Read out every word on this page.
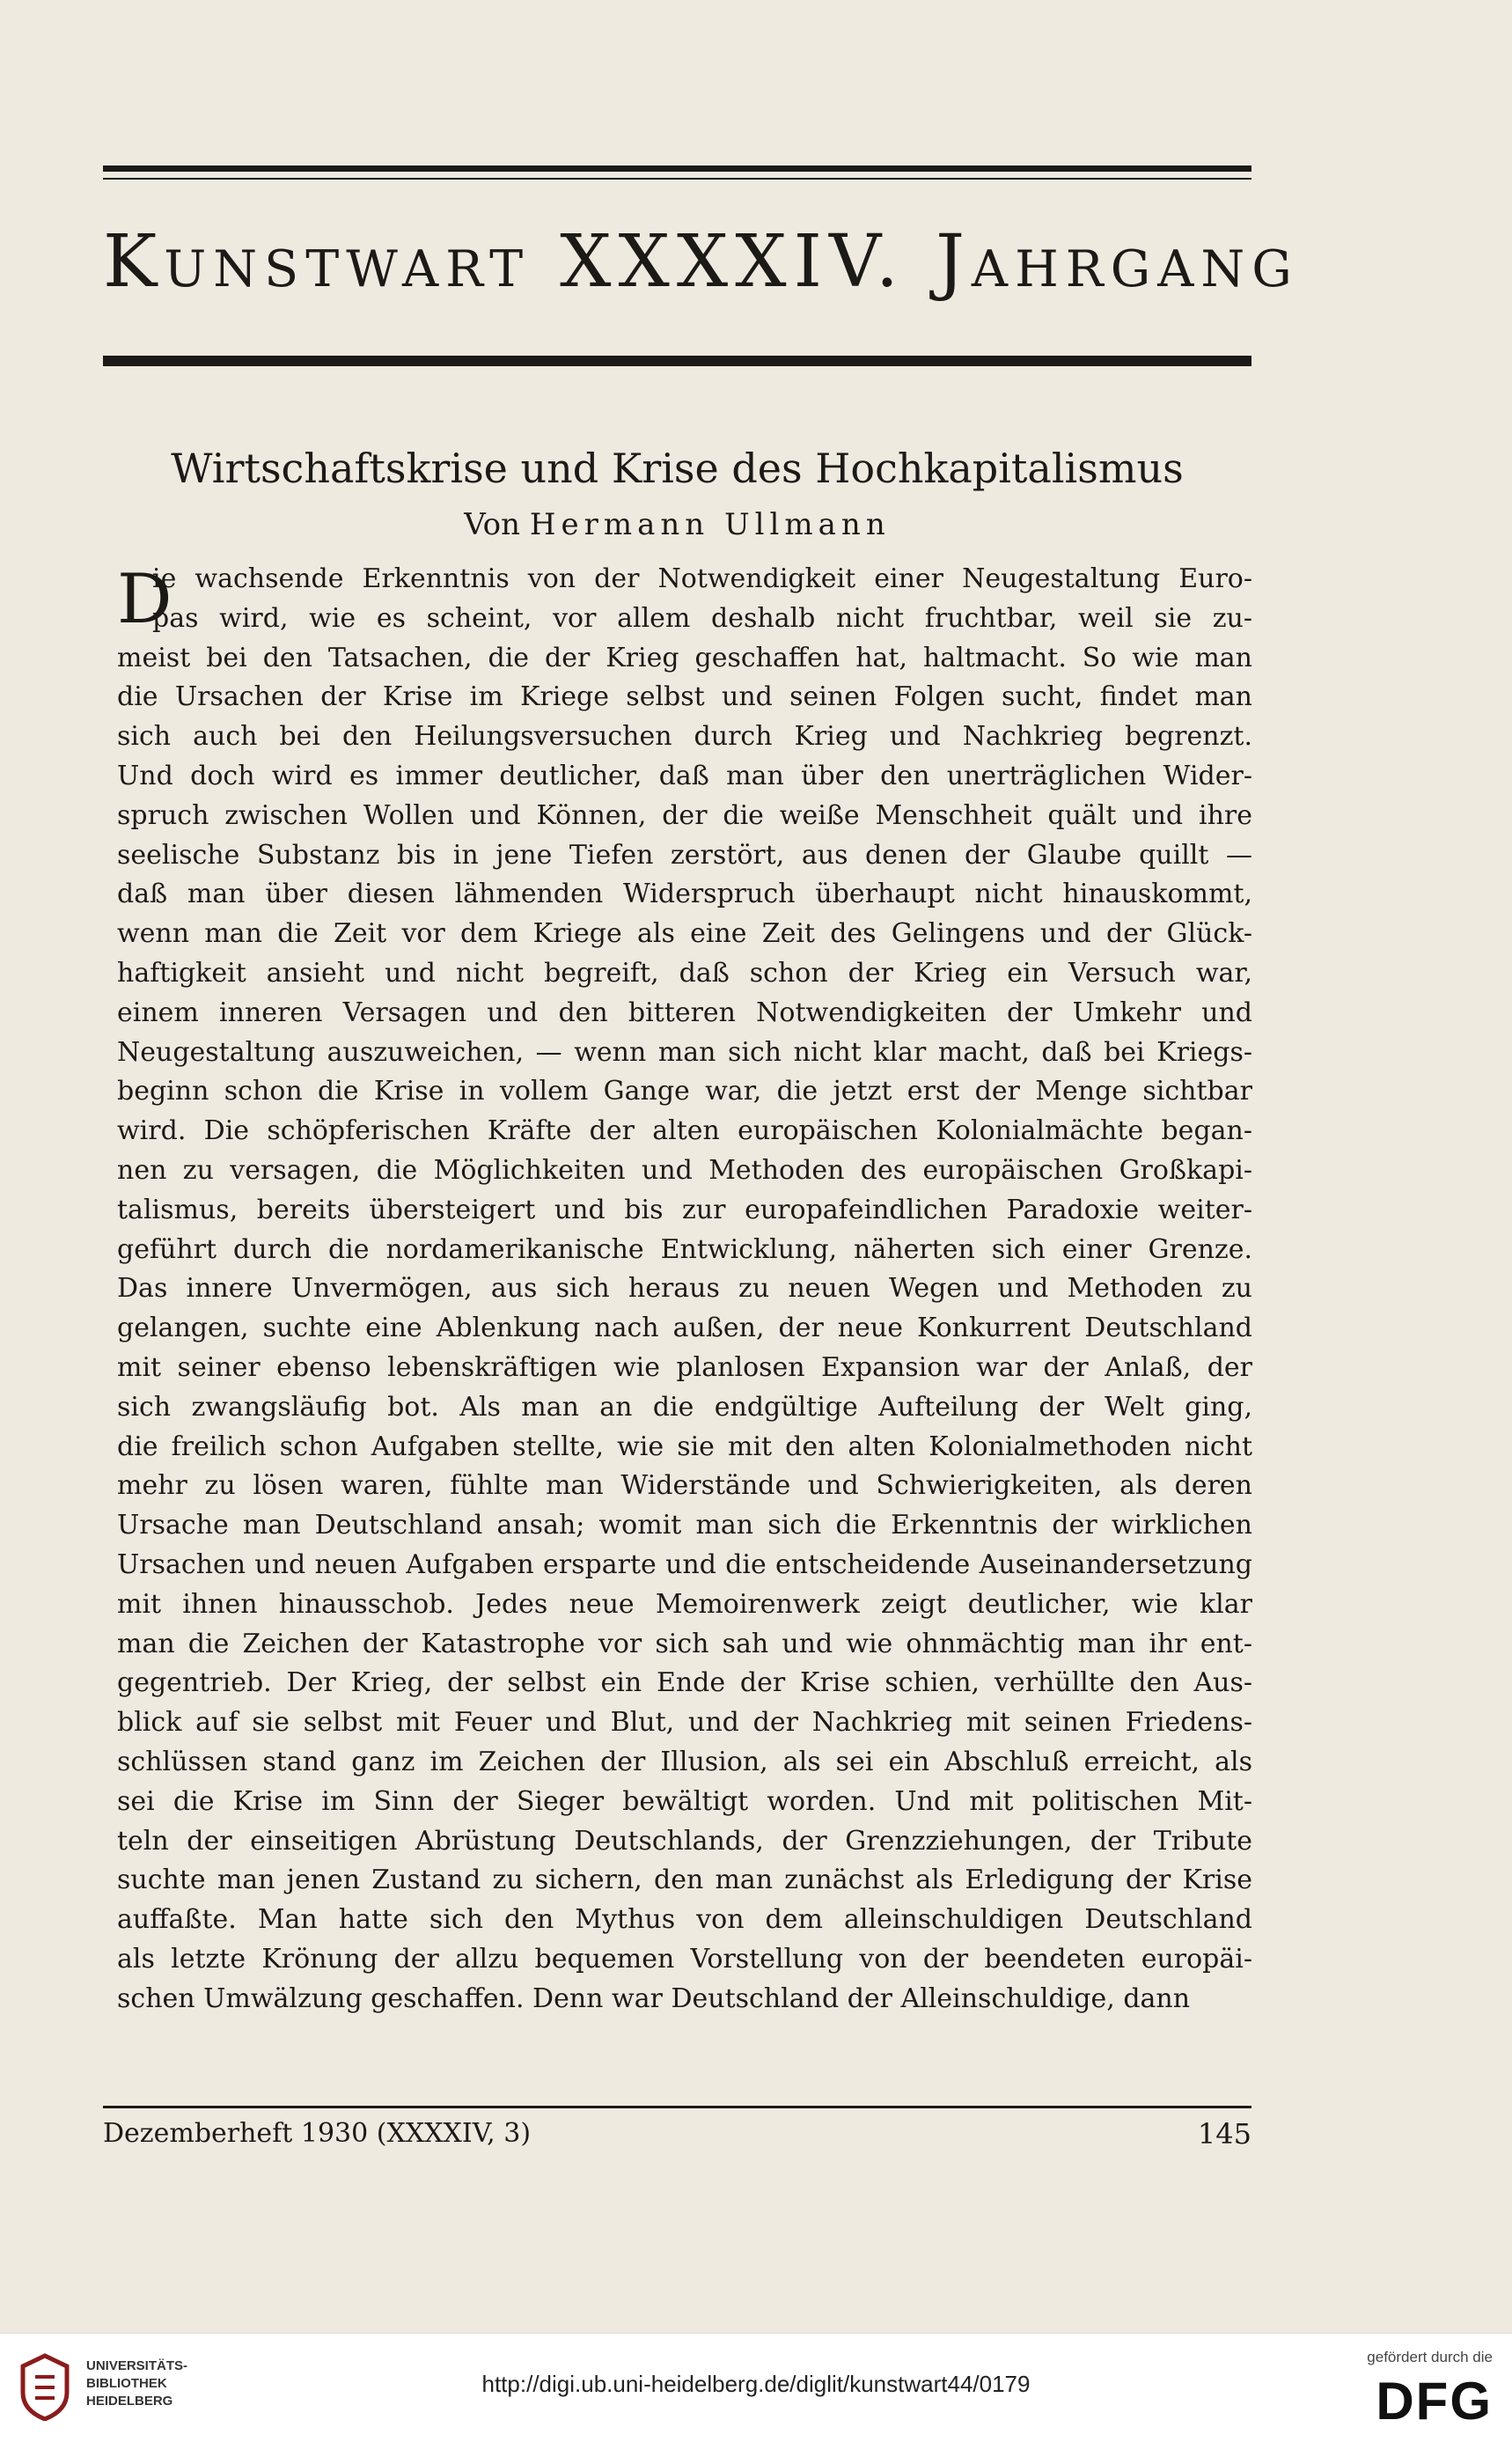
Kunstwart XXXXIV. Jahrgang
Wirtschaftskrise und Krise des Hochkapitalismus
Von Hermann Ullmann
D
ie wachsende Erkenntnis von der Notwendigkeit einer Neugestaltung Euro-
pas wird, wie es scheint, vor allem deshalb nicht fruchtbar, weil sie zu-
meist bei den Tatsachen, die der Krieg geschaffen hat, haltmacht. So wie man
die Ursachen der Krise im Kriege selbst und seinen Folgen sucht, findet man
sich auch bei den Heilungsversuchen durch Krieg und Nachkrieg begrenzt.
Und doch wird es immer deutlicher, daß man über den unerträglichen Wider-
spruch zwischen Wollen und Können, der die weiße Menschheit quält und ihre
seelische Substanz bis in jene Tiefen zerstört, aus denen der Glaube quillt —
daß man über diesen lähmenden Widerspruch überhaupt nicht hinauskommt,
wenn man die Zeit vor dem Kriege als eine Zeit des Gelingens und der Glück-
haftigkeit ansieht und nicht begreift, daß schon der Krieg ein Versuch war,
einem inneren Versagen und den bitteren Notwendigkeiten der Umkehr und
Neugestaltung auszuweichen, — wenn man sich nicht klar macht, daß bei Kriegs-
beginn schon die Krise in vollem Gange war, die jetzt erst der Menge sichtbar
wird. Die schöpferischen Kräfte der alten europäischen Kolonialmächte began-
nen zu versagen, die Möglichkeiten und Methoden des europäischen Großkapi-
talismus, bereits übersteigert und bis zur europafeindlichen Paradoxie weiter-
geführt durch die nordamerikanische Entwicklung, näherten sich einer Grenze.
Das innere Unvermögen, aus sich heraus zu neuen Wegen und Methoden zu
gelangen, suchte eine Ablenkung nach außen, der neue Konkurrent Deutschland
mit seiner ebenso lebenskräftigen wie planlosen Expansion war der Anlaß, der
sich zwangsläufig bot. Als man an die endgültige Aufteilung der Welt ging,
die freilich schon Aufgaben stellte, wie sie mit den alten Kolonialmethoden nicht
mehr zu lösen waren, fühlte man Widerstände und Schwierigkeiten, als deren
Ursache man Deutschland ansah; womit man sich die Erkenntnis der wirklichen
Ursachen und neuen Aufgaben ersparte und die entscheidende Auseinandersetzung
mit ihnen hinausschob. Jedes neue Memoirenwerk zeigt deutlicher, wie klar
man die Zeichen der Katastrophe vor sich sah und wie ohnmächtig man ihr ent-
gegentrieb. Der Krieg, der selbst ein Ende der Krise schien, verhüllte den Aus-
blick auf sie selbst mit Feuer und Blut, und der Nachkrieg mit seinen Friedens-
schlüssen stand ganz im Zeichen der Illusion, als sei ein Abschluß erreicht, als
sei die Krise im Sinn der Sieger bewältigt worden. Und mit politischen Mit-
teln der einseitigen Abrüstung Deutschlands, der Grenzziehungen, der Tribute
suchte man jenen Zustand zu sichern, den man zunächst als Erledigung der Krise
auffaßte. Man hatte sich den Mythus von dem alleinschuldigen Deutschland
als letzte Krönung der allzu bequemen Vorstellung von der beendeten europäi-
schen Umwälzung geschaffen. Denn war Deutschland der Alleinschuldige, dann
Dezemberheft 1930 (XXXXIV, 3)	145
UNIVERSITÄTS-
BIBLIOTHEK
HEIDELBERG
http://digi.ub.uni-heidelberg.de/diglit/kunstwart44/0179
gefördert durch die
DFG
